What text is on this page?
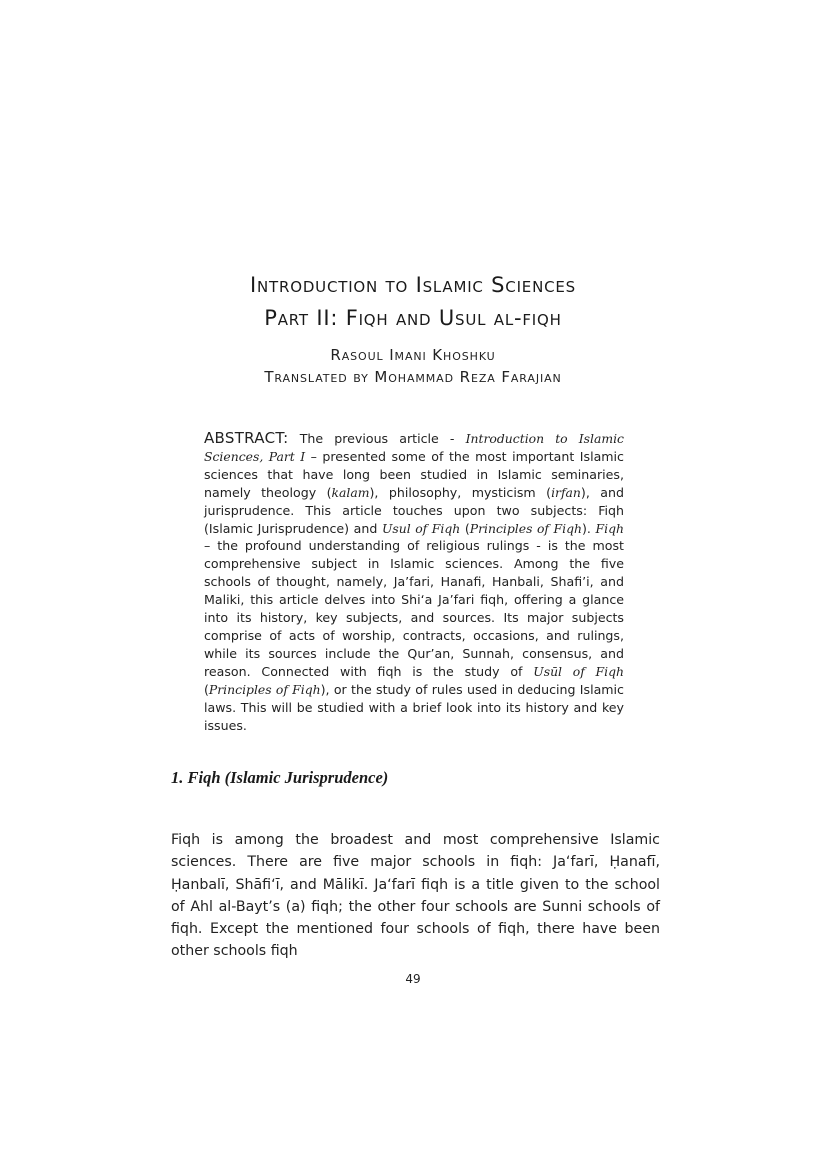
Introduction to Islamic Sciences
Part II: Fiqh and Usul al-fiqh
Rasoul Imani Khoshku
Translated by Mohammad Reza Farajian

ABSTRACT: The previous article - Introduction to Islamic Sciences, Part I – presented some of the most important Islamic sciences that have long been studied in Islamic seminaries, namely theology (kalam), philosophy, mysticism (irfan), and jurisprudence. This article touches upon two subjects: Fiqh (Islamic Jurisprudence) and Usul of Fiqh (Principles of Fiqh). Fiqh – the profound understanding of religious rulings - is the most comprehensive subject in Islamic sciences. Among the five schools of thought, namely, Ja’fari, Hanafi, Hanbali, Shafi’i, and Maliki, this article delves into Shi‘a Ja’fari fiqh, offering a glance into its history, key subjects, and sources. Its major subjects comprise of acts of worship, contracts, occasions, and rulings, while its sources include the Qur’an, Sunnah, consensus, and reason. Connected with fiqh is the study of Usūl of Fiqh (Principles of Fiqh), or the study of rules used in deducing Islamic laws. This will be studied with a brief look into its history and key issues.

1. Fiqh (Islamic Jurisprudence)

Fiqh is among the broadest and most comprehensive Islamic sciences. There are five major schools in fiqh: Ja‘farī, Ḥanafī, Ḥanbalī, Shāfi‘ī, and Mālikī. Ja‘farī fiqh is a title given to the school of Ahl al-Bayt’s (a) fiqh; the other four schools are Sunni schools of fiqh. Except the mentioned four schools of fiqh, there have been other schools fiqh

49
